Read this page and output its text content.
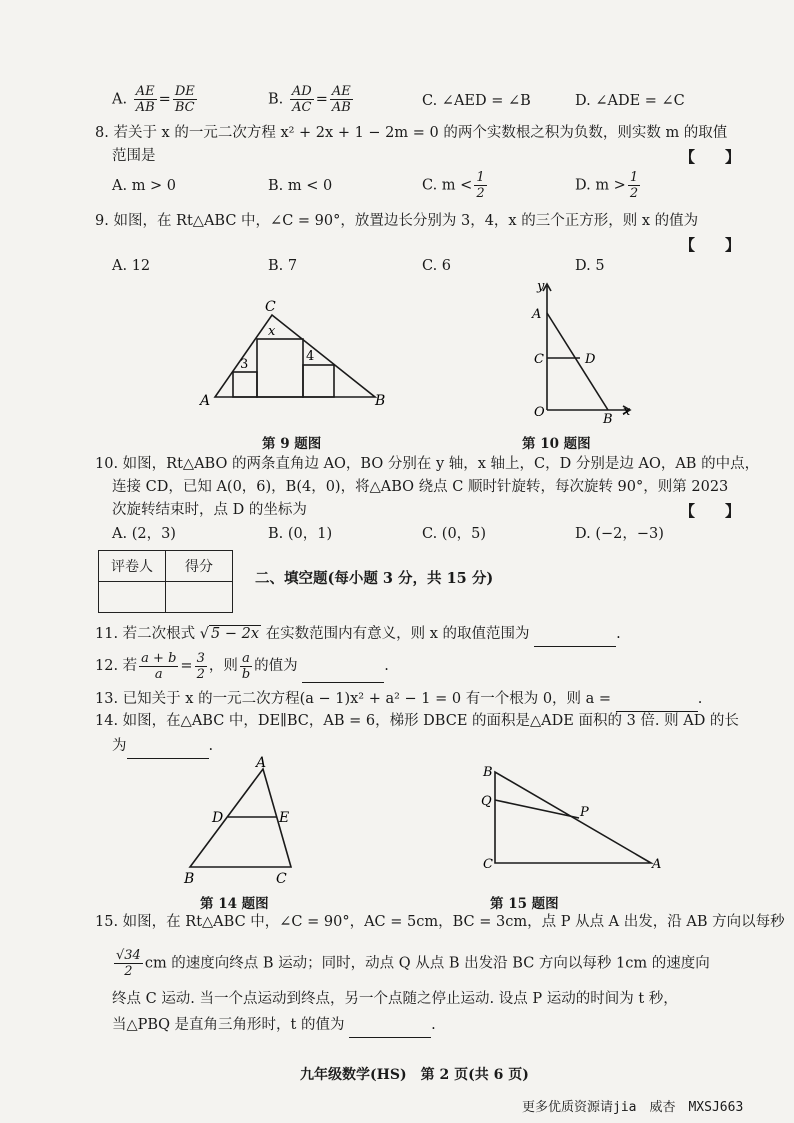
A. $\frac{AE}{AB} = \frac{DE}{BC}$	B. $\frac{AD}{AC} = \frac{AE}{AB}$	C. ∠AED = ∠B	D. ∠ADE = ∠C
8. 若关于 x 的一元二次方程 x² + 2x + 1 − 2m = 0 的两个实数根之积为负数，则实数 m 的取值
范围是	【　　】
A. m > 0	B. m < 0	C. $m < \frac{1}{2}$	D. $m > \frac{1}{2}$
9. 如图，在 Rt△ABC 中，∠C = 90°，放置边长分别为 3，4，x 的三个正方形，则 x 的值为
【　　】
A. 12	B. 7	C. 6	D. 5
A	B
C
3
4
x
第 9 题图
y
x
A
C	D
O	B
第 10 题图
10. 如图，Rt△ABO 的两条直角边 AO，BO 分别在 y 轴，x 轴上，C，D 分别是边 AO，AB 的中点，
连接 CD，已知 A(0，6)，B(4，0)，将△ABO 绕点 C 顺时针旋转，每次旋转 90°，则第 2023
次旋转结束时，点 D 的坐标为	【　　】
A. (2，3)	B. (0，1)	C. (0，5)	D. (−2，−3)
评卷人	得分

二、填空题(每小题 3 分，共 15 分)
11. 若二次根式 √ 5 − 2x 在实数范围内有意义，则 x 的取值范围为	.
12. 若 $\frac{a + b}{a} = \frac{3}{2}$ ，则 $\frac{a}{b}$ 的值为	.
13. 已知关于 x 的一元二次方程(a − 1)x² + a² − 1 = 0 有一个根为 0，则 a =	.
14. 如图，在△ABC 中，DE∥BC，AB = 6，梯形 DBCE 的面积是△ADE 面积的 3 倍. 则 AD 的长
为	.
A
D	E
B	C
第 14 题图
B
Q
P
C	A
第 15 题图
15. 如图，在 Rt△ABC 中，∠C = 90°，AC = 5cm，BC = 3cm，点 P 从点 A 出发，沿 AB 方向以每秒
$\frac{√34}{2}$ cm 的速度向终点 B 运动；同时，动点 Q 从点 B 出发沿 BC 方向以每秒 1cm 的速度向
终点 C 运动. 当一个点运动到终点，另一个点随之停止运动. 设点 P 运动的时间为 t 秒，
当△PBQ 是直角三角形时，t 的值为	.
九年级数学(HS)　第 2 页(共 6 页)
更多优质资源请jia　威杏　MXSJ663
